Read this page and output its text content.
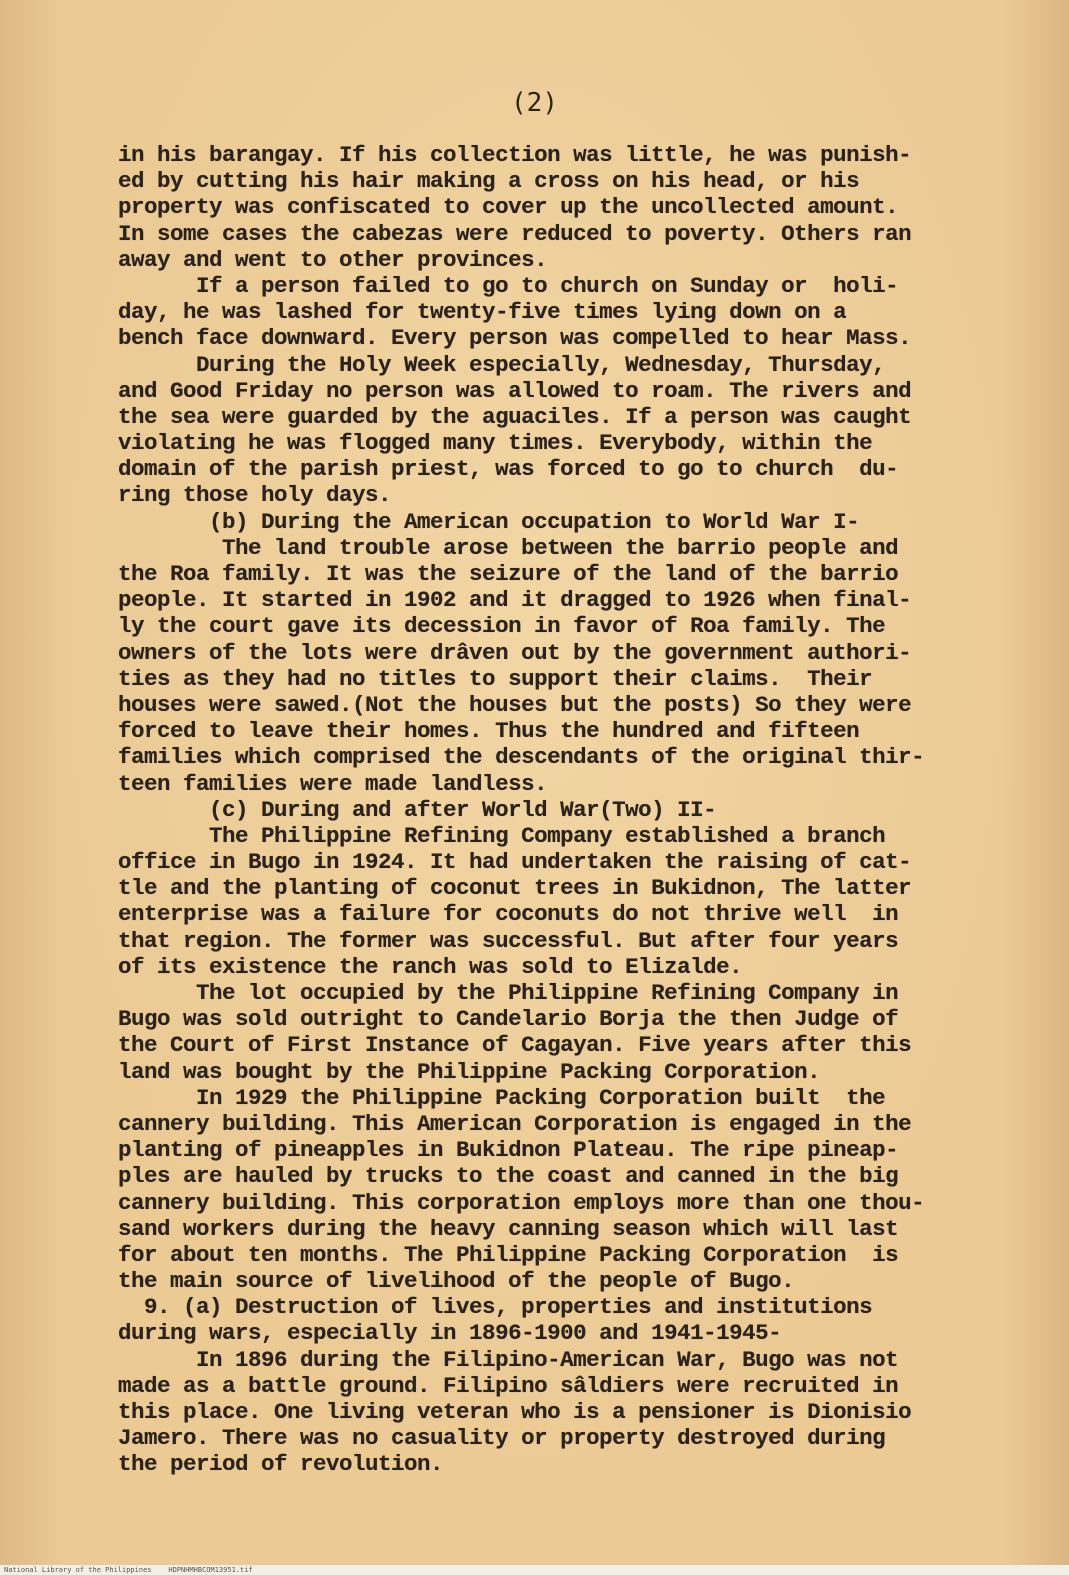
(2)
in his barangay. If his collection was little, he was punish-
ed by cutting his hair making a cross on his head, or his
property was confiscated to cover up the uncollected amount.
In some cases the cabezas were reduced to poverty. Others ran
away and went to other provinces.
If a person failed to go to church on Sunday or  holi-
day, he was lashed for twenty-five times lying down on a
bench face downward. Every person was compelled to hear Mass.
During the Holy Week especially, Wednesday, Thursday,
and Good Friday no person was allowed to roam. The rivers and
the sea were guarded by the aguaciles. If a person was caught
violating he was flogged many times. Everybody, within the
domain of the parish priest, was forced to go to church  du-
ring those holy days.
(b) During the American occupation to World War I-
The land trouble arose between the barrio people and
the Roa family. It was the seizure of the land of the barrio
people. It started in 1902 and it dragged to 1926 when final-
ly the court gave its decession in favor of Roa family. The
owners of the lots were drâven out by the government authori-
ties as they had no titles to support their claims.  Their
houses were sawed.(Not the houses but the posts) So they were
forced to leave their homes. Thus the hundred and fifteen
families which comprised the descendants of the original thir-
teen families were made landless.
(c) During and after World War(Two) II-
The Philippine Refining Company established a branch
office in Bugo in 1924. It had undertaken the raising of cat-
tle and the planting of coconut trees in Bukidnon, The latter
enterprise was a failure for coconuts do not thrive well  in
that region. The former was successful. But after four years
of its existence the ranch was sold to Elizalde.
The lot occupied by the Philippine Refining Company in
Bugo was sold outright to Candelario Borja the then Judge of
the Court of First Instance of Cagayan. Five years after this
land was bought by the Philippine Packing Corporation.
In 1929 the Philippine Packing Corporation built  the
cannery building. This American Corporation is engaged in the
planting of pineapples in Bukidnon Plateau. The ripe pineap-
ples are hauled by trucks to the coast and canned in the big
cannery building. This corporation employs more than one thou-
sand workers during the heavy canning season which will last
for about ten months. The Philippine Packing Corporation  is
the main source of livelihood of the people of Bugo.
9. (a) Destruction of lives, properties and institutions
during wars, especially in 1896-1900 and 1941-1945-
In 1896 during the Filipino-American War, Bugo was not
made as a battle ground. Filipino sâldiers were recruited in
this place. One living veteran who is a pensioner is Dionisio
Jamero. There was no casuality or property destroyed during
the period of revolution.
National Library of the Philippines    HDPNHMHBCOM13951.tif
